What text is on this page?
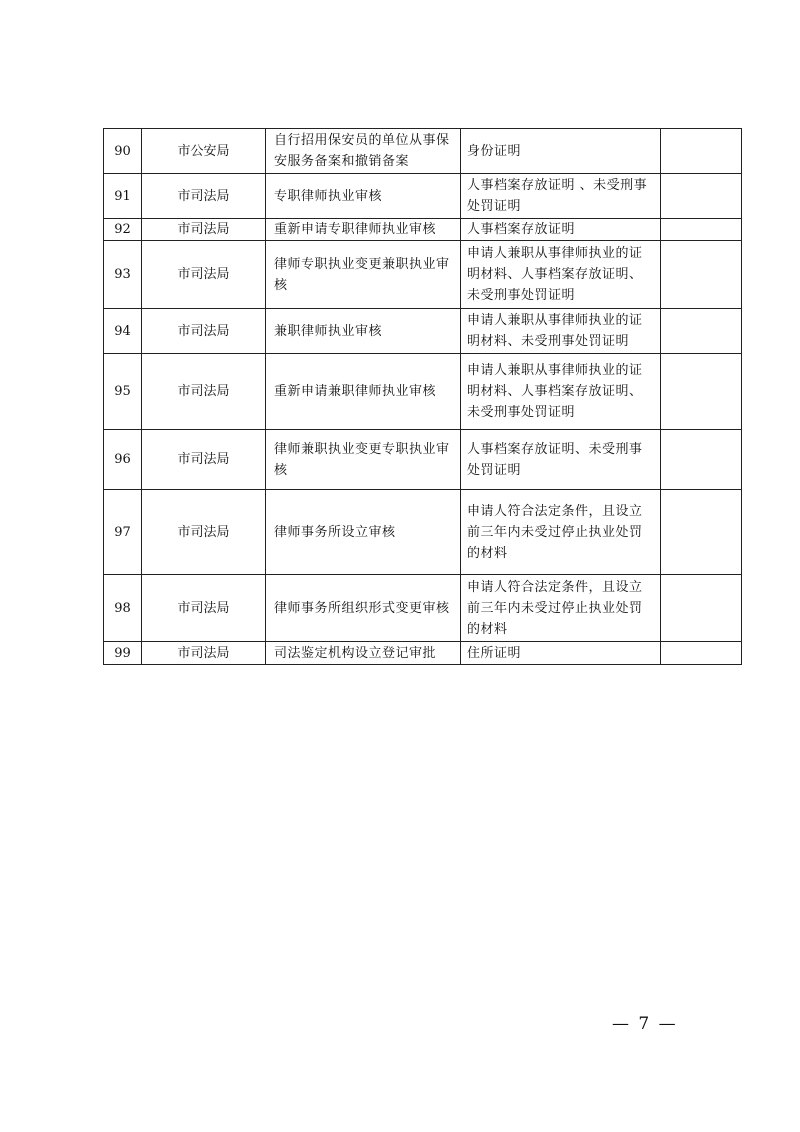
90	市公安局	自行招用保安员的单位从事保安服务备案和撤销备案	身份证明	
91	市司法局	专职律师执业审核	人事档案存放证明 、未受刑事处罚证明	
92	市司法局	重新申请专职律师执业审核	人事档案存放证明	
93	市司法局	律师专职执业变更兼职执业审核	申请人兼职从事律师执业的证明材料、人事档案存放证明、未受刑事处罚证明	
94	市司法局	兼职律师执业审核	申请人兼职从事律师执业的证明材料、未受刑事处罚证明	
95	市司法局	重新申请兼职律师执业审核	申请人兼职从事律师执业的证明材料、人事档案存放证明、未受刑事处罚证明	
96	市司法局	律师兼职执业变更专职执业审核	人事档案存放证明、未受刑事处罚证明	
97	市司法局	律师事务所设立审核	申请人符合法定条件，且设立前三年内未受过停止执业处罚的材料	
98	市司法局	律师事务所组织形式变更审核	申请人符合法定条件，且设立前三年内未受过停止执业处罚的材料	
99	市司法局	司法鉴定机构设立登记审批	住所证明	
— 7 —
